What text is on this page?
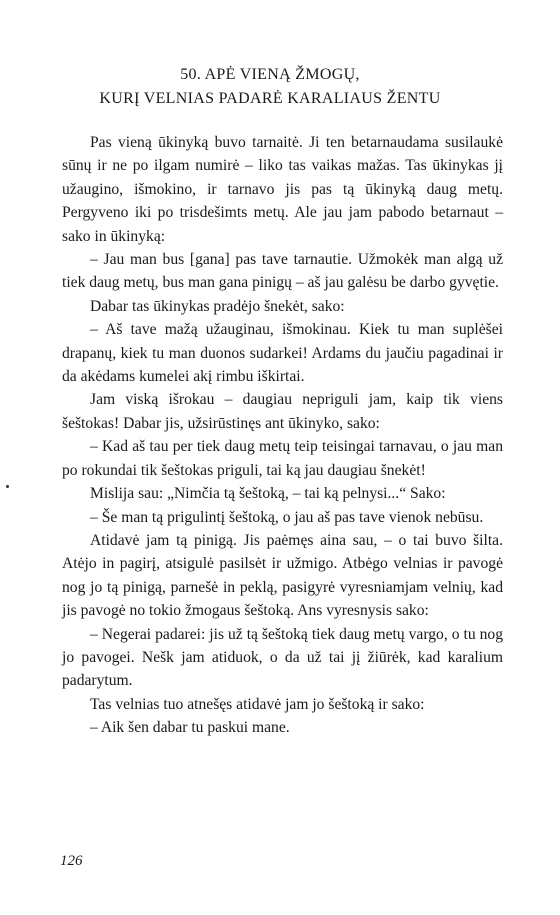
50. APĖ VIENĄ ŽMOGŲ,
KURĮ VELNIAS PADARĖ KARALIAUS ŽENTU

Pas vieną ūkinyką buvo tarnaitė. Ji ten betarnaudama susilaukė sūnų ir ne po ilgam numirė – liko tas vaikas mažas. Tas ūkinykas jį užaugino, išmokino, ir tarnavo jis pas tą ūkinyką daug metų. Pergyveno iki po trisdešimts metų. Ale jau jam pabodo betarnaut – sako in ūkinyką:

– Jau man bus [gana] pas tave tarnautie. Užmokėk man algą už tiek daug metų, bus man gana pinigų – aš jau galėsu be darbo gyvętie.

Dabar tas ūkinykas pradėjo šnekėt, sako:

– Aš tave mažą užauginau, išmokinau. Kiek tu man suplėšei drapanų, kiek tu man duonos sudarkei! Ardams du jaučiu pagadinai ir da akėdams kumelei akį rimbu iškirtai.

Jam viską išrokau – daugiau nepriguli jam, kaip tik viens šeštokas! Dabar jis, užsirūstinęs ant ūkinyko, sako:

– Kad aš tau per tiek daug metų teip teisingai tarnavau, o jau man po rokundai tik šeštokas priguli, tai ką jau daugiau šnekėt!

Mislija sau: „Nimčia tą šeštoką, – tai ką pelnysi...“ Sako:

– Še man tą prigulintį šeštoką, o jau aš pas tave vienok nebūsu.

Atidavė jam tą pinigą. Jis paėmęs aina sau, – o tai buvo šilta. Atėjo in pagirį, atsigulė pasilsėt ir užmigo. Atbėgo velnias ir pavogė nog jo tą pinigą, parnešė in peklą, pasigyrė vyresniamjam velnių, kad jis pavogė no tokio žmogaus šeštoką. Ans vyresnysis sako:

– Negerai padarei: jis už tą šeštoką tiek daug metų vargo, o tu nog jo pavogei. Nešk jam atiduok, o da už tai jį žiūrėk, kad karalium padarytum.

Tas velnias tuo atnešęs atidavė jam jo šeštoką ir sako:

– Aik šen dabar tu paskui mane.

126
